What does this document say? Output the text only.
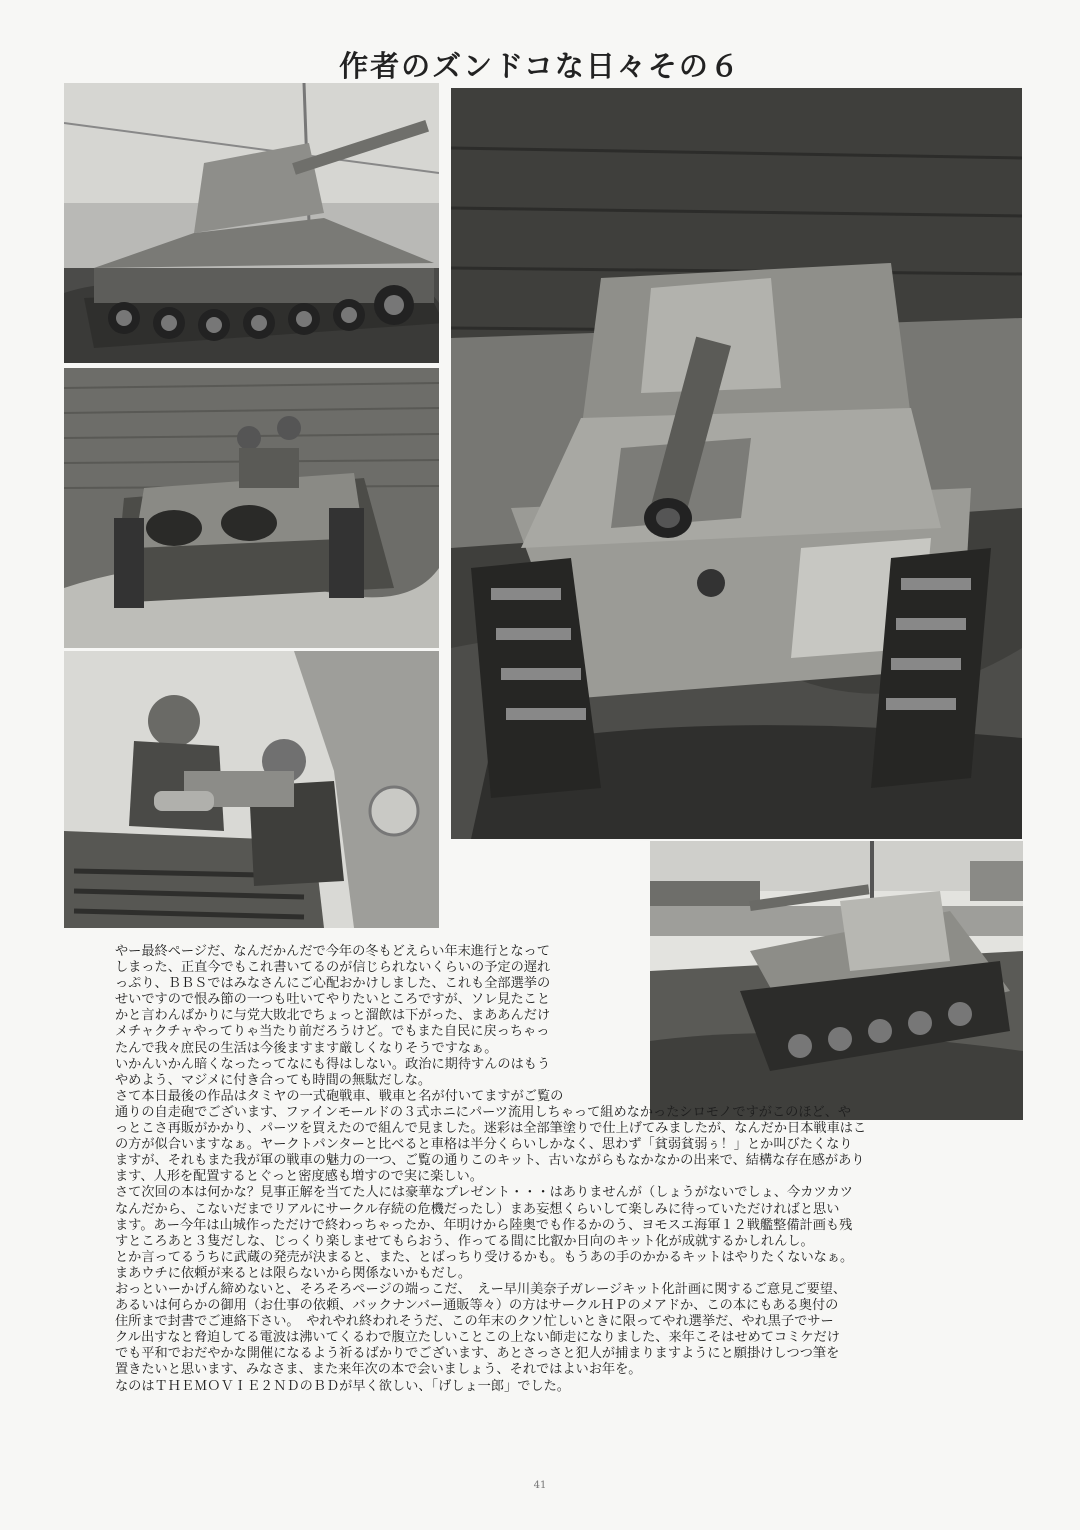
作者のズンドコな日々その６

やー最終ページだ、なんだかんだで今年の冬もどえらい年末進行となって

しまった、正直今でもこれ書いてるのが信じられないくらいの予定の遅れ

っぷり、ＢＢＳではみなさんにご心配おかけしました、これも全部選挙の

せいですので恨み節の一つも吐いてやりたいところですが、ソレ見たこと

かと言わんばかりに与党大敗北でちょっと溜飲は下がった、まああんだけ

メチャクチャやってりゃ当たり前だろうけど。でもまた自民に戻っちゃっ

たんで我々庶民の生活は今後ますます厳しくなりそうですなぁ。

いかんいかん暗くなったってなにも得はしない。政治に期待すんのはもう

やめよう、マジメに付き合っても時間の無駄だしな。

さて本日最後の作品はタミヤの一式砲戦車、戦車と名が付いてますがご覧の

通りの自走砲でございます、ファインモールドの３式ホニにパーツ流用しちゃって組めなかったシロモノですがこのほど、や

っとこさ再販がかかり、パーツを買えたので組んで見ました。迷彩は全部筆塗りで仕上げてみましたが、なんだか日本戦車はこ

の方が似合いますなぁ。ヤークトパンターと比べると車格は半分くらいしかなく、思わず「貧弱貧弱ぅ！」とか叫びたくなり

ますが、それもまた我が軍の戦車の魅力の一つ、ご覧の通りこのキット、古いながらもなかなかの出来で、結構な存在感があり

ます、人形を配置するとぐっと密度感も増すので実に楽しい。

さて次回の本は何かな？見事正解を当てた人には豪華なプレゼント・・・はありませんが（しょうがないでしょ、今カツカツ

なんだから、こないだまでリアルにサークル存続の危機だったし）まあ妄想くらいして楽しみに待っていただければと思い

ます。あー今年は山城作っただけで終わっちゃったか、年明けから陸奥でも作るかのう、ヨモスエ海軍１２戦艦整備計画も残

すところあと３隻だしな、じっくり楽しませてもらおう、作ってる間に比叡か日向のキット化が成就するかしれんし。

とか言ってるうちに武蔵の発売が決まると、また、とばっちり受けるかも。もうあの手のかかるキットはやりたくないなぁ。

まあウチに依頼が来るとは限らないから関係ないかもだし。

おっといーかげん締めないと、そろそろページの端っこだ、　えー早川美奈子ガレージキット化計画に関するご意見ご要望、

あるいは何らかの御用（お仕事の依頼、バックナンバー通販等々）の方はサークルＨＰのメアドか、この本にもある奥付の

住所まで封書でご連絡下さい。　やれやれ終われそうだ、この年末のクソ忙しいときに限ってやれ選挙だ、やれ黒子でサー

クル出すなと脅迫してる電波は沸いてくるわで腹立たしいことこの上ない師走になりました、来年こそはせめてコミケだけ

でも平和でおだやかな開催になるよう祈るばかりでございます、あとさっさと犯人が捕まりますようにと願掛けしつつ筆を

置きたいと思います、みなさま、また来年次の本で会いましょう、それではよいお年を。

なのはＴＨＥＭＯＶＩＥ２ＮＤのＢＤが早く欲しい、「げしょ一郎」でした。

41
